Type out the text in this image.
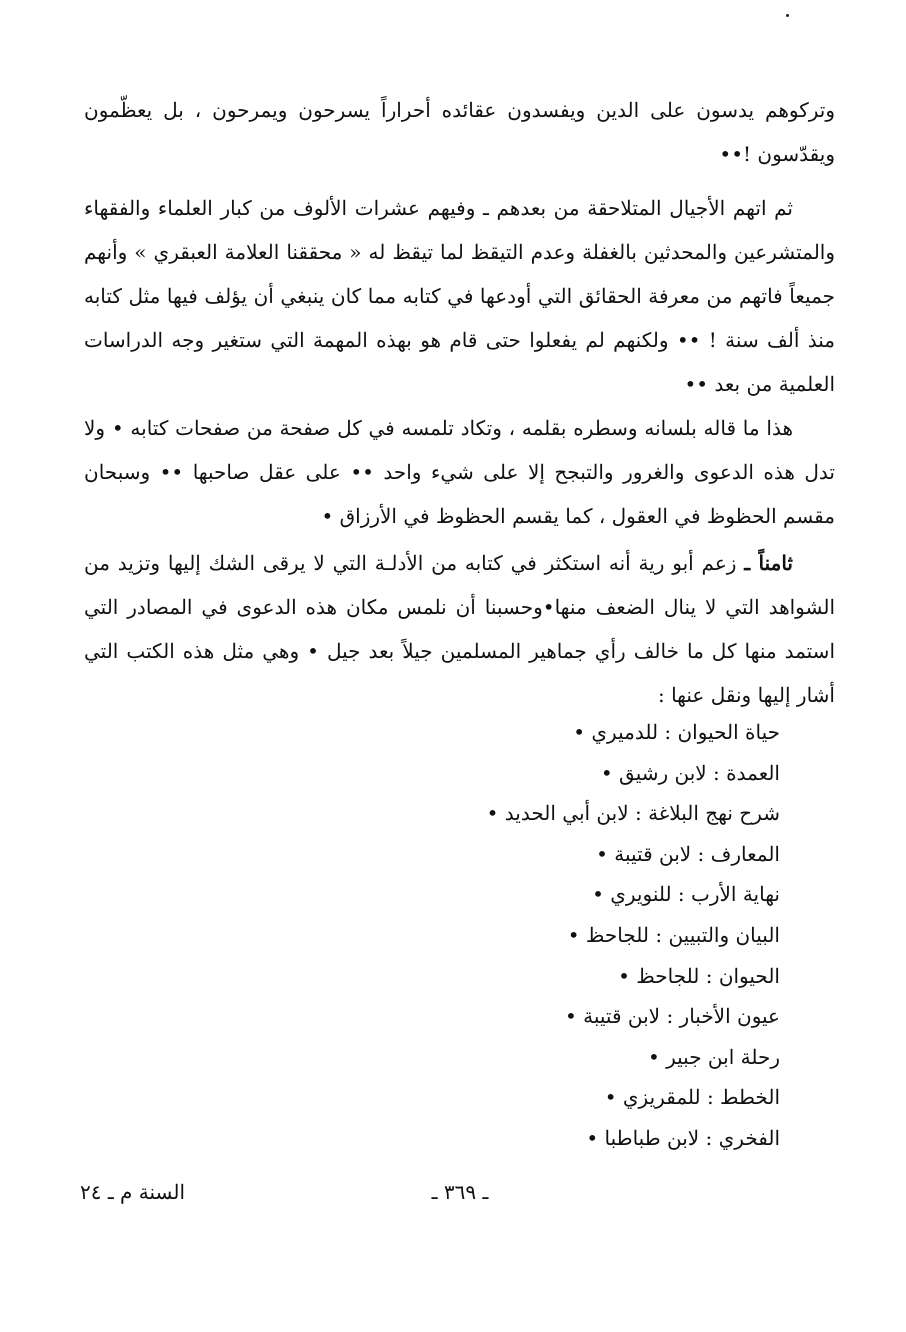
وتركوهم يدسون على الدين ويفسدون عقائده أحراراً يسرحون ويمرحون ، بل يعظّمون ويقدّسون !••

ثم اتهم الأجيال المتلاحقة من بعدهم ـ وفيهم عشرات الألوف من كبار العلماء والفقهاء والمتشرعين والمحدثين بالغفلة وعدم التيقظ لما تيقظ له « محققنا العلامة العبقري » وأنهم جميعاً فاتهم من معرفة الحقائق التي أودعها في كتابه مما كان ينبغي أن يؤلف فيها مثل كتابه منذ ألف سنة ! •• ولكنهم لم يفعلوا حتى قام هو بهذه المهمة التي ستغير وجه الدراسات العلمية من بعد ••

هذا ما قاله بلسانه وسطره بقلمه ، وتكاد تلمسه في كل صفحة من صفحات كتابه • ولا تدل هذه الدعوى والغرور والتبجح إلا على شيء واحد •• على عقل صاحبها •• وسبحان مقسم الحظوظ في العقول ، كما يقسم الحظوظ في الأرزاق •

ثامناً ـ زعم أبو رية أنه استكثر في كتابه من الأدلـة التي لا يرقى الشك إليها وتزيد من الشواهد التي لا ينال الضعف منها•وحسبنا أن نلمس مكان هذه الدعوى في المصادر التي استمد منها كل ما خالف رأي جماهير المسلمين جيلاً بعد جيل • وهي مثل هذه الكتب التي أشار إليها ونقل عنها :

حياة الحيوان : للدميري •
العمدة : لابن رشيق •
شرح نهج البلاغة : لابن أبي الحديد •
المعارف : لابن قتيبة •
نهاية الأرب : للنويري •
البيان والتبيين : للجاحظ •
الحيوان : للجاحظ •
عيون الأخبار : لابن قتيبة •
رحلة ابن جبير •
الخطط : للمقريزي •
الفخري : لابن طباطبا •
ـ ٣٦٩ ـ
السنة م ـ ٢٤
